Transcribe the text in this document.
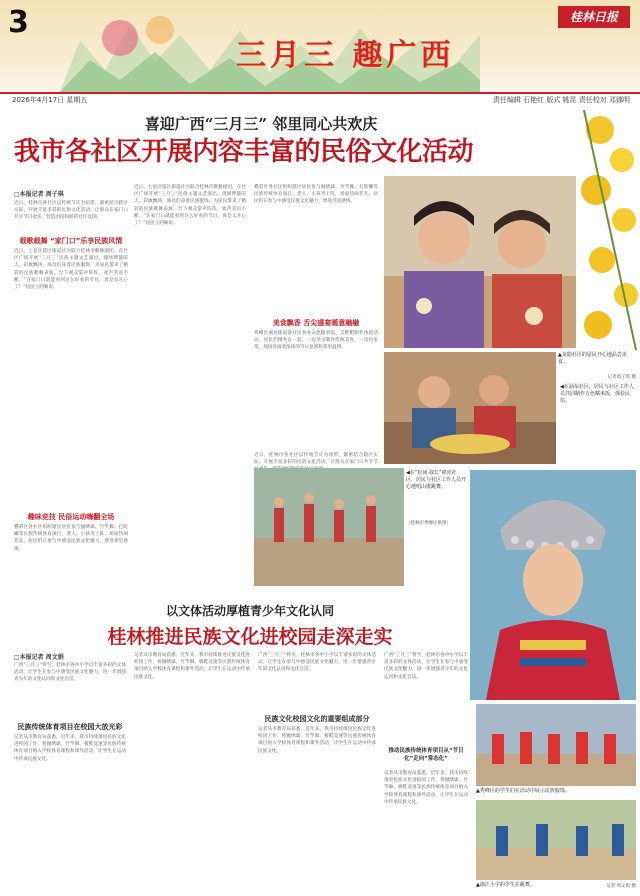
3
三月三 趣广西
桂林日报
2026年4月17日 星期五	责任编辑 石艳红 版式 姚昆 责任校对 邓娜明
喜迎广西“三月三” 邻里同心共欢庆
我市各社区开展内容丰富的民俗文化活动
□本报记者 周子琪
近日，桂林市各社区以传统节庆为纽带，紧密结合辖区实际，开展丰富多彩的民俗文化活动，让群众在家门口共享节日欢乐，营造团结和睦的社区氛围。
载歌载舞 “家门口”乐享民族风情
近日，七星区辖区街道社区联合桂林市歌舞剧团，在社区广场开展“三月三”民俗主题文艺演出。现场锣鼓喧天、彩旗飘扬，演员们身着民族服饰，为居民带来了精彩的民族歌舞表演，台下观众掌声阵阵，欢声笑语不断。“在家门口就能看到这么好看的节目，真是太开心了！”居民王阿姨说。
趣味竞技 民俗运动嗨翻全场
叠彩区各社区组织辖区居民参与抛绣球、竹竿舞、打陀螺等民族传统体育项目，老人、小孩齐上阵，场面热闹非凡。居民们在参与中感受民族文化魅力，增进邻里感情。
近日，七星区辖区街道社区联合桂林市歌舞剧团，在社区广场开展“三月三”民俗主题文艺演出。现场锣鼓喧天、彩旗飘扬，演员们身着民族服饰，为居民带来了精彩的民族歌舞表演，台下观众掌声阵阵，欢声笑语不断。“在家门口就能看到这么好看的节目，真是太开心了！”居民王阿姨说。
叠彩区各社区组织辖区居民参与抛绣球、竹竿舞、打陀螺等民族传统体育项目，老人、小孩齐上阵，场面热闹非凡。居民们在参与中感受民族文化魅力，增进邻里感情。
美食飘香 舌尖盛宴暖意融融
秀峰区丽君街道各社区举办五色糯米饭、艾粑粑制作体验活动，居民们围坐在一起，一边学习制作传统美食，一边拉家常，现场洋溢着浓浓的节日氛围和邻里温情。
近日，桂林市各社区以传统节庆为纽带，紧密结合辖区实际，开展丰富多彩的民俗文化活动，让群众在家门口共享节
▲龙隐社区的居民开心地品尝美食。
记者周子琪 摄
◀在涌东社区，居民与社区工作人员共同制作五色糯米饭，体验民俗。
◀在“松间·叙长”秘密社区，居民与社区工作人员开心地唱山歌跳舞。
（桂林市秀峰区供图）
以文体活动厚植青少年文化认同
桂林推进民族文化进校园走深走实
□本报记者 周文娟
广西“三月三”将至，桂林市各中小学以丰富多彩的文体活动，让学生在参与中感受民族文化魅力，进一步增强青少年的文化认同和文化自信。
民族传统体育项目在校园大放光彩
记者从市教育局获悉，近年来，我市持续推进民族文化进校园工作，将抛绣球、竹竿舞、板鞋竞速等民族传统体育项目纳入学校体育课程和课外活动，让学生在运动中传承民族文化。
记者从市教育局获悉，近年来，我市持续推进民族文化进校园工作，将抛绣球、竹竿舞、板鞋竞速等民族传统体育项目纳入学校体育课程和课外活动，让学生在运动中传承民族文化。
广西“三月三”将至，桂林市各中小学以丰富多彩的文体活动，让学生在参与中感受民族文化魅力，进一步增强青少年的文化认同和文化自信。
民族文化校园文化的重要组成部分
记者从市教育局获悉，近年来，我市持续推进民族文化进校园工作，将抛绣球、竹竿舞、板鞋竞速等民族传统体育项目纳入学校体育课程和课外活动，让学生在运动中传承民族文化。
广西“三月三”将至，桂林市各中小学以丰富多彩的文体活动，让学生在参与中感受民族文化魅力，进一步增强青少年的文化认同和文化自信。
推动民族传统体育项目从“节日化”走向“常态化”
记者从市教育局获悉，近年来，我市持续推进民族文化进校园工作，将抛绣球、竹竿舞、板鞋竞速等民族传统体育项目纳入学校体育课程和课外活动，让学生在运动中传承民族文化。
▲秀峰区的学生们在活动中展示民族服饰。
▲漓江小学的学生在跳舞。	记者 周文娟 摄
